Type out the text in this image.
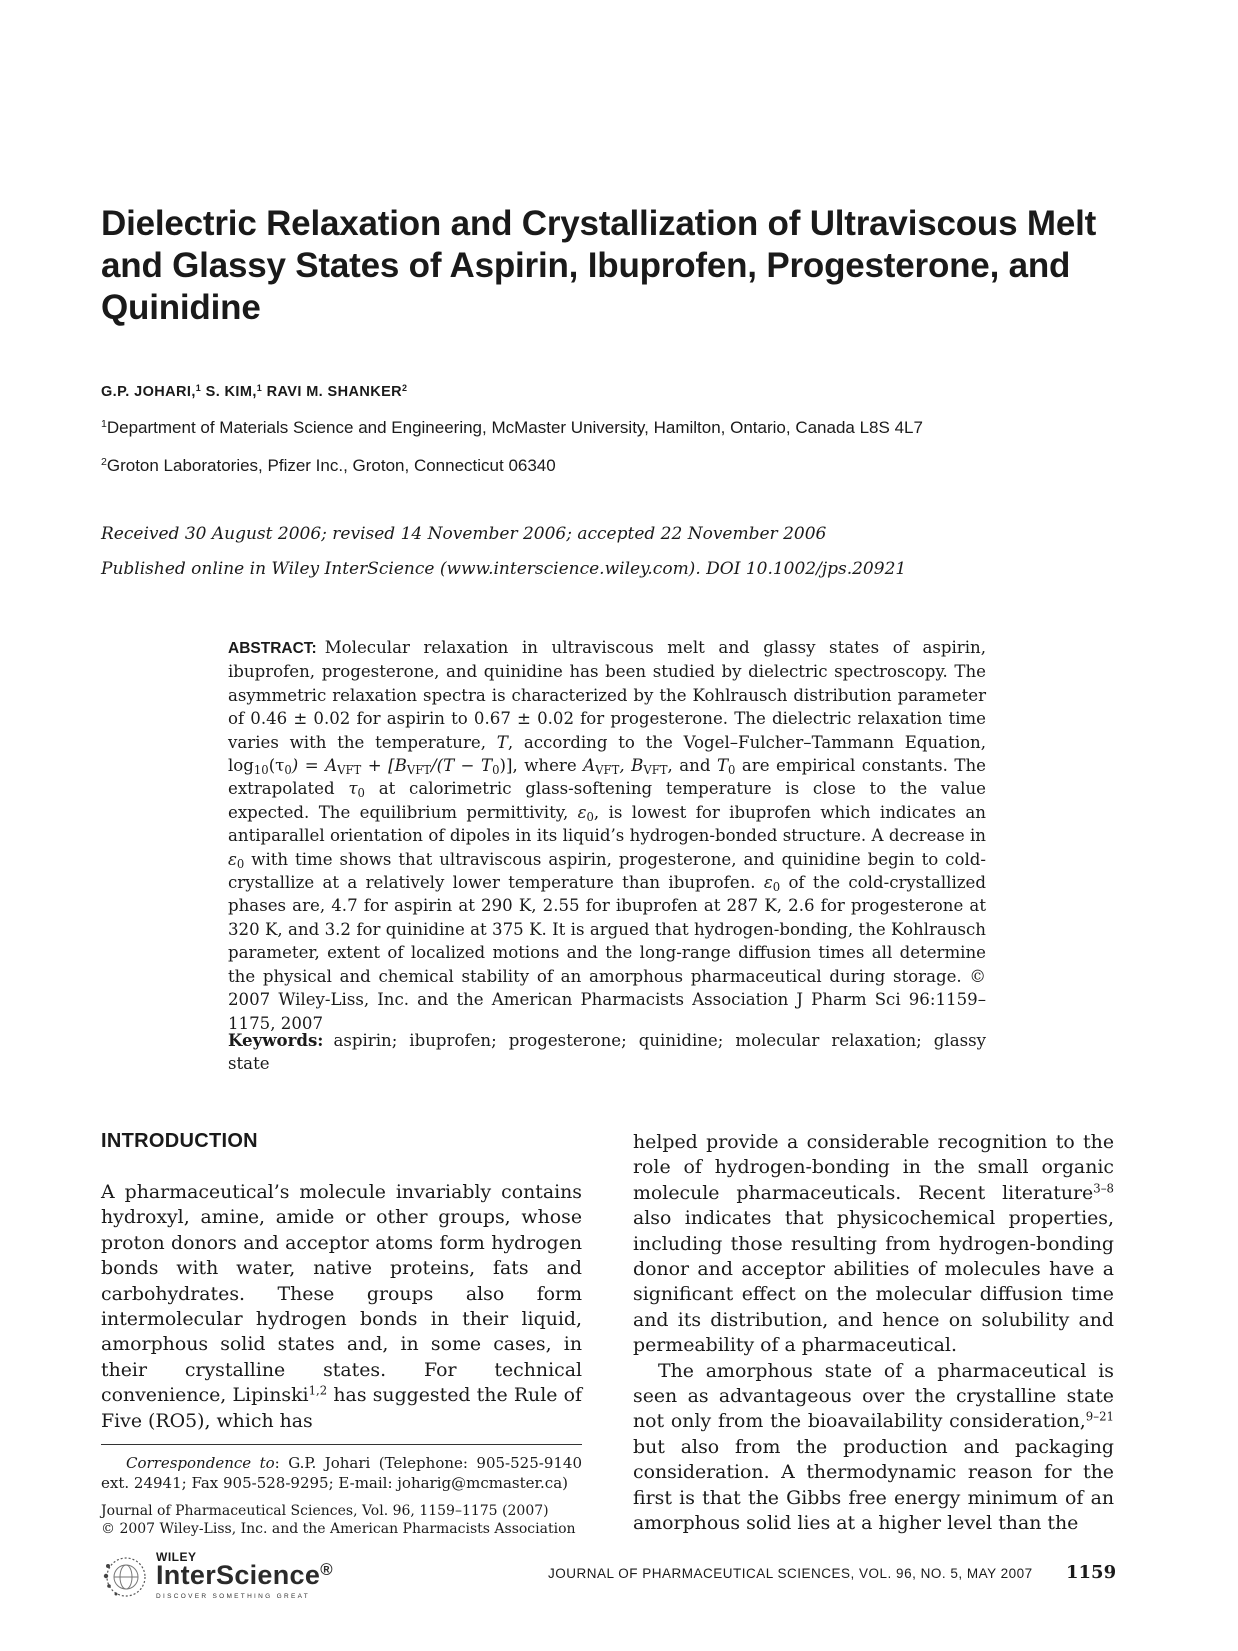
Dielectric Relaxation and Crystallization of Ultraviscous Melt and Glassy States of Aspirin, Ibuprofen, Progesterone, and Quinidine
G.P. JOHARI,$^1$ S. KIM,$^1$ RAVI M. SHANKER$^2$
$^1$Department of Materials Science and Engineering, McMaster University, Hamilton, Ontario, Canada L8S 4L7
$^2$Groton Laboratories, Pfizer Inc., Groton, Connecticut 06340
Received 30 August 2006; revised 14 November 2006; accepted 22 November 2006
Published online in Wiley InterScience (www.interscience.wiley.com). DOI 10.1002/jps.20921
ABSTRACT: Molecular relaxation in ultraviscous melt and glassy states of aspirin, ibuprofen, progesterone, and quinidine has been studied by dielectric spectroscopy. The asymmetric relaxation spectra is characterized by the Kohlrausch distribution parameter of 0.46 ± 0.02 for aspirin to 0.67 ± 0.02 for progesterone. The dielectric relaxation time varies with the temperature, T, according to the Vogel–Fulcher–Tammann Equation, $\log_{10}(\tau_0) = A_{VFT} + [B_{VFT}/(T - T_0)]$, where $A_{VFT}$, $B_{VFT}$, and $T_0$ are empirical constants. The extrapolated $\tau_0$ at calorimetric glass-softening temperature is close to the value expected. The equilibrium permittivity, $\varepsilon_0$, is lowest for ibuprofen which indicates an antiparallel orientation of dipoles in its liquid’s hydrogen-bonded structure. A decrease in $\varepsilon_0$ with time shows that ultraviscous aspirin, progesterone, and quinidine begin to cold-crystallize at a relatively lower temperature than ibuprofen. $\varepsilon_0$ of the cold-crystallized phases are, 4.7 for aspirin at 290 K, 2.55 for ibuprofen at 287 K, 2.6 for progesterone at 320 K, and 3.2 for quinidine at 375 K. It is argued that hydrogen-bonding, the Kohlrausch parameter, extent of localized motions and the long-range diffusion times all determine the physical and chemical stability of an amorphous pharmaceutical during storage. © 2007 Wiley-Liss, Inc. and the American Pharmacists Association J Pharm Sci 96:1159–1175, 2007
Keywords: aspirin; ibuprofen; progesterone; quinidine; molecular relaxation; glassy state
INTRODUCTION

A pharmaceutical’s molecule invariably contains hydroxyl, amine, amide or other groups, whose proton donors and acceptor atoms form hydrogen bonds with water, native proteins, fats and carbohydrates. These groups also form intermolecular hydrogen bonds in their liquid, amorphous solid states and, in some cases, in their crystalline states. For technical convenience, Lipinski$^{1,2}$ has suggested the Rule of Five (RO5), which has

helped provide a considerable recognition to the role of hydrogen-bonding in the small organic molecule pharmaceuticals. Recent literature$^{3-8}$ also indicates that physicochemical properties, including those resulting from hydrogen-bonding donor and acceptor abilities of molecules have a significant effect on the molecular diffusion time and its distribution, and hence on solubility and permeability of a pharmaceutical.

The amorphous state of a pharmaceutical is seen as advantageous over the crystalline state not only from the bioavailability consideration,$^{9-21}$ but also from the production and packaging consideration. A thermodynamic reason for the first is that the Gibbs free energy minimum of an amorphous solid lies at a higher level than the

Correspondence to: G.P. Johari (Telephone: 905-525-9140 ext. 24941; Fax 905-528-9295; E-mail: joharig@mcmaster.ca)
Journal of Pharmaceutical Sciences, Vol. 96, 1159–1175 (2007)
© 2007 Wiley-Liss, Inc. and the American Pharmacists Association
WILEY
InterScience®
DISCOVER SOMETHING GREAT
JOURNAL OF PHARMACEUTICAL SCIENCES, VOL. 96, NO. 5, MAY 2007 1159
